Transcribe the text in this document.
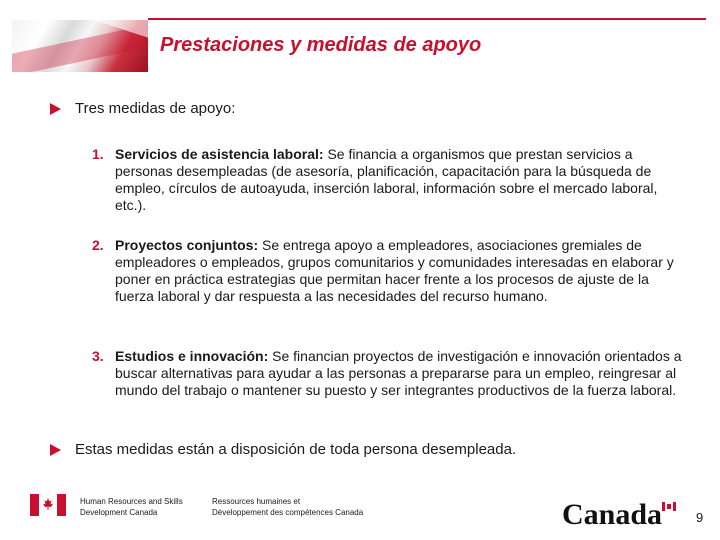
Prestaciones y medidas de apoyo
Tres medidas de apoyo:
1. Servicios de asistencia laboral: Se financia a organismos que prestan servicios a personas desempleadas (de asesoría, planificación, capacitación para la búsqueda de empleo, círculos de autoayuda, inserción laboral, información sobre el mercado laboral, etc.).
2. Proyectos conjuntos: Se entrega apoyo a empleadores, asociaciones gremiales de empleadores o empleados, grupos comunitarios y comunidades interesadas en elaborar y poner en práctica estrategias que permitan hacer frente a los procesos de ajuste de la fuerza laboral y dar respuesta a las necesidades del recurso humano.
3. Estudios e innovación: Se financian proyectos de investigación e innovación orientados a buscar alternativas para ayudar a las personas a prepararse para un empleo, reingresar al mundo del trabajo o mantener su puesto y ser integrantes productivos de la fuerza laboral.
Estas medidas están a disposición de toda persona desempleada.
Human Resources and Skills
Development Canada
Ressources humaines et
Développement des compétences Canada	Canada	9
